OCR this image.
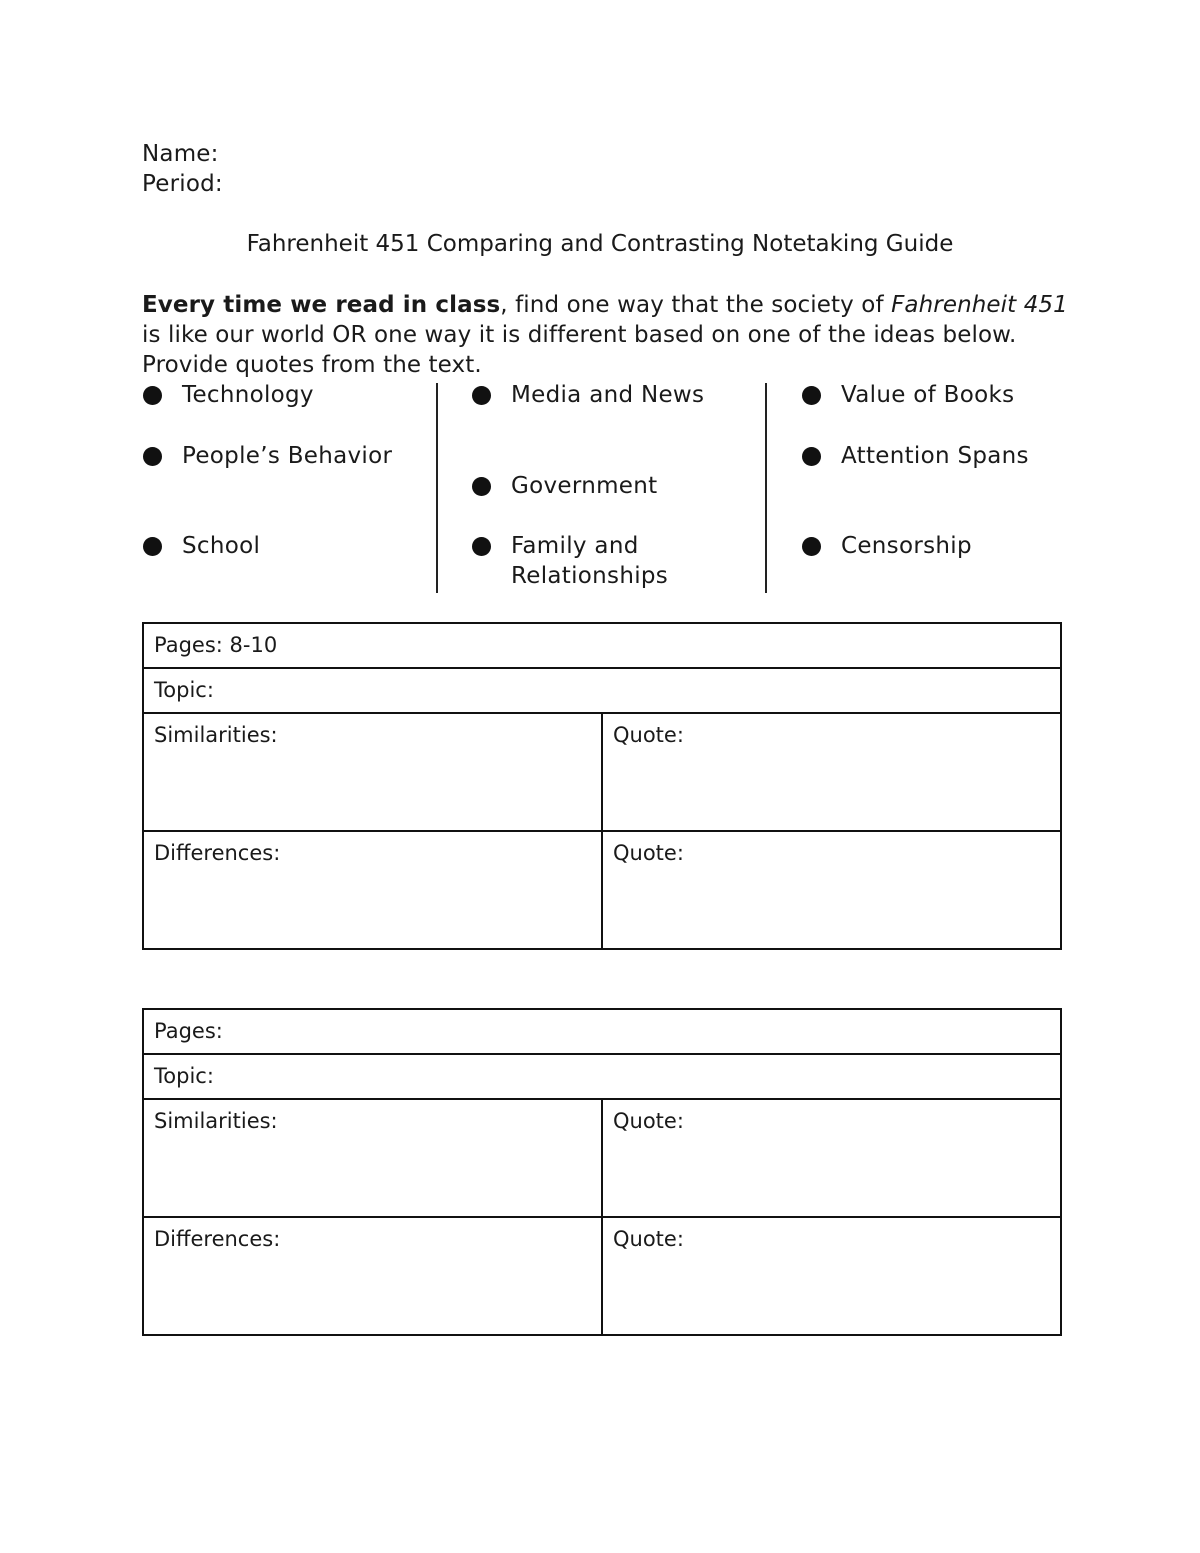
Name:
Period:
Fahrenheit 451 Comparing and Contrasting Notetaking Guide
Every time we read in class, find one way that the society of Fahrenheit 451 is like our world OR one way it is different based on one of the ideas below. Provide quotes from the text.
Technology
People’s Behavior
School
Media and News
Government
Family and Relationships
Value of Books
Attention Spans
Censorship
Pages: 8-10
Topic:
Similarities:	Quote:
Differences:	Quote:
Pages:
Topic:
Similarities:	Quote:
Differences:	Quote:
